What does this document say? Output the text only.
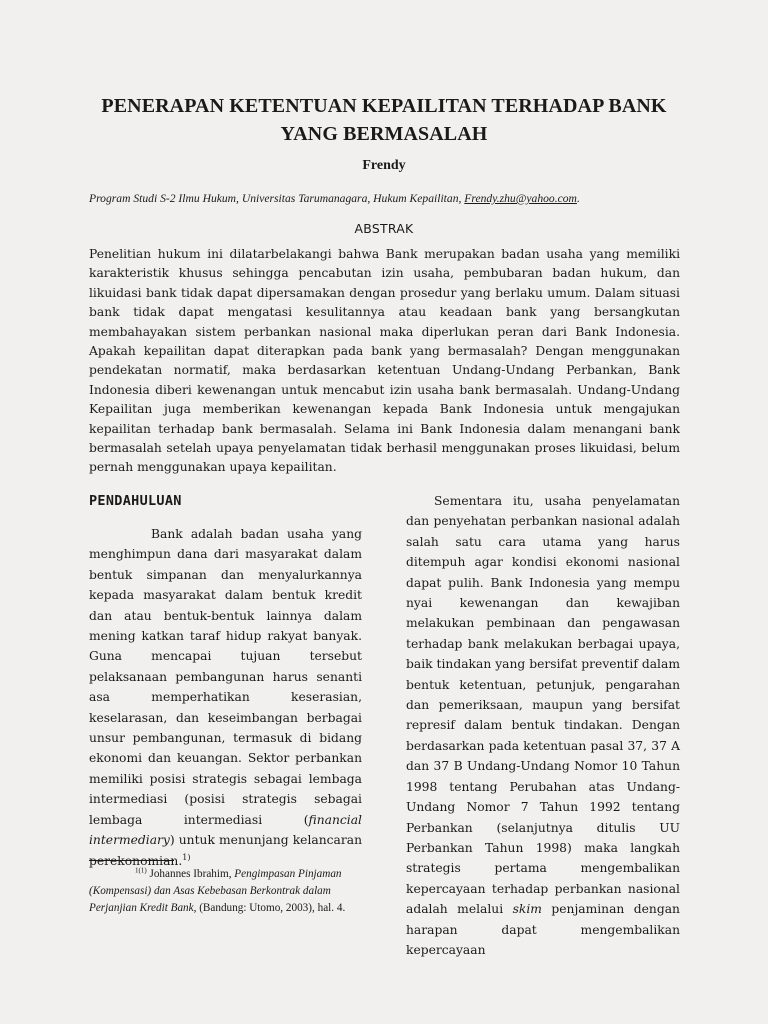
PENERAPAN KETENTUAN KEPAILITAN TERHADAP BANK
YANG BERMASALAH

Frendy

Program Studi S-2 Ilmu Hukum, Universitas Tarumanagara, Hukum Kepailitan, Frendy.zhu@yahoo.com.

ABSTRAK

Penelitian hukum ini dilatarbelakangi bahwa Bank merupakan badan usaha yang memiliki karakteristik khusus sehingga pencabutan izin usaha, pembubaran badan hukum, dan likuidasi bank tidak dapat dipersamakan dengan prosedur yang berlaku umum. Dalam situasi bank tidak dapat mengatasi kesulitannya atau keadaan bank yang bersangkutan membahayakan sistem perbankan nasional maka diperlukan peran dari Bank Indonesia. Apakah kepailitan dapat diterapkan pada bank yang bermasalah? Dengan menggunakan pendekatan normatif, maka berdasarkan ketentuan Undang-Undang Perbankan, Bank Indonesia diberi kewenangan untuk mencabut izin usaha bank bermasalah. Undang-Undang Kepailitan juga memberikan kewenangan kepada Bank Indonesia untuk mengajukan kepailitan terhadap bank bermasalah. Selama ini Bank Indonesia dalam menangani bank bermasalah setelah upaya penyelamatan tidak berhasil menggunakan proses likuidasi, belum pernah menggunakan upaya kepailitan.

PENDAHULUAN

Bank adalah badan usaha yang menghimpun dana dari masyarakat dalam bentuk simpanan dan menyalurkannya kepada masyarakat dalam bentuk kredit dan atau bentuk-bentuk lainnya dalam mening katkan taraf hidup rakyat banyak. Guna mencapai tujuan tersebut pelaksanaan pembangunan harus senanti asa memperhatikan keserasian, keselarasan, dan keseimbangan berbagai unsur pembangunan, termasuk di bidang ekonomi dan keuangan. Sektor perbankan memiliki posisi strategis sebagai lembaga intermediasi (posisi strategis sebagai lembaga intermediasi (financial intermediary) untuk menunjang kelancaran perekonomian.$^{1)}$

Sementara itu, usaha penyelamatan dan penyehatan perbankan nasional adalah salah satu cara utama yang harus ditempuh agar kondisi ekonomi nasional dapat pulih. Bank Indonesia yang mempu nyai kewenangan dan kewajiban melakukan pembinaan dan pengawasan terhadap bank melakukan berbagai upaya, baik tindakan yang bersifat preventif dalam bentuk ketentuan, petunjuk, pengarahan dan pemeriksaan, maupun yang bersifat represif dalam bentuk tindakan. Dengan berdasarkan pada ketentuan pasal 37, 37 A dan 37 B Undang-Undang Nomor 10 Tahun 1998 tentang Perubahan atas Undang-Undang Nomor 7 Tahun 1992 tentang Perbankan (selanjutnya ditulis UU Perbankan Tahun 1998) maka langkah strategis pertama mengembalikan kepercayaan terhadap perbankan nasional adalah melalui skim penjaminan dengan harapan dapat mengembalikan kepercayaan

$^{1(1)}$ Johannes Ibrahim, Pengimpasan Pinjaman (Kompensasi) dan Asas Kebebasan Berkontrak dalam Perjanjian Kredit Bank, (Bandung: Utomo, 2003), hal. 4.
